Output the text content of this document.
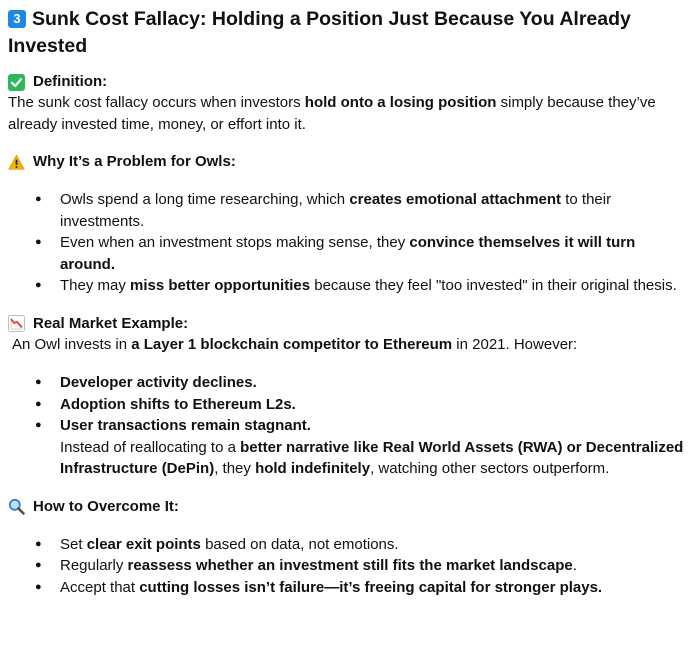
3 Sunk Cost Fallacy: Holding a Position Just Because You Already Invested
Definition:

The sunk cost fallacy occurs when investors hold onto a losing position simply because they’ve already invested time, money, or effort into it.

Why It’s a Problem for Owls:
● Owls spend a long time researching, which creates emotional attachment to their investments.
● Even when an investment stops making sense, they convince themselves it will turn around.
● They may miss better opportunities because they feel "too invested" in their original thesis.
Real Market Example:

An Owl invests in a Layer 1 blockchain competitor to Ethereum in 2021. However:

● Developer activity declines.
● Adoption shifts to Ethereum L2s.
● User transactions remain stagnant.
Instead of reallocating to a better narrative like Real World Assets (RWA) or Decentralized Infrastructure (DePin), they hold indefinitely, watching other sectors outperform.
How to Overcome It:
● Set clear exit points based on data, not emotions.
● Regularly reassess whether an investment still fits the market landscape.
● Accept that cutting losses isn’t failure—it’s freeing capital for stronger plays.
